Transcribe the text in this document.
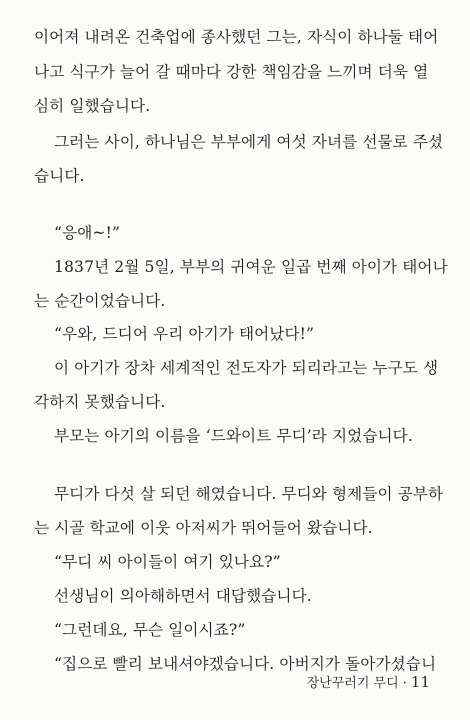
이어져 내려온 건축업에 종사했던 그는, 자식이 하나둘 태어
나고 식구가 늘어 갈 때마다 강한 책임감을 느끼며 더욱 열
심히 일했습니다.
그러는 사이, 하나님은 부부에게 여섯 자녀를 선물로 주셨
습니다.
“응애~!”
1837년 2월 5일, 부부의 귀여운 일곱 번째 아이가 태어나
는 순간이었습니다.
“우와, 드디어 우리 아기가 태어났다!”
이 아기가 장차 세계적인 전도자가 되리라고는 누구도 생
각하지 못했습니다.
부모는 아기의 이름을 ‘드와이트 무디’라 지었습니다.
무디가 다섯 살 되던 해였습니다. 무디와 형제들이 공부하
는 시골 학교에 이웃 아저씨가 뛰어들어 왔습니다.
“무디 씨 아이들이 여기 있나요?”
선생님이 의아해하면서 대답했습니다.
“그런데요, 무슨 일이시죠?”
“집으로 빨리 보내셔야겠습니다. 아버지가 돌아가셨습니
장난꾸러기 무디 · 11
